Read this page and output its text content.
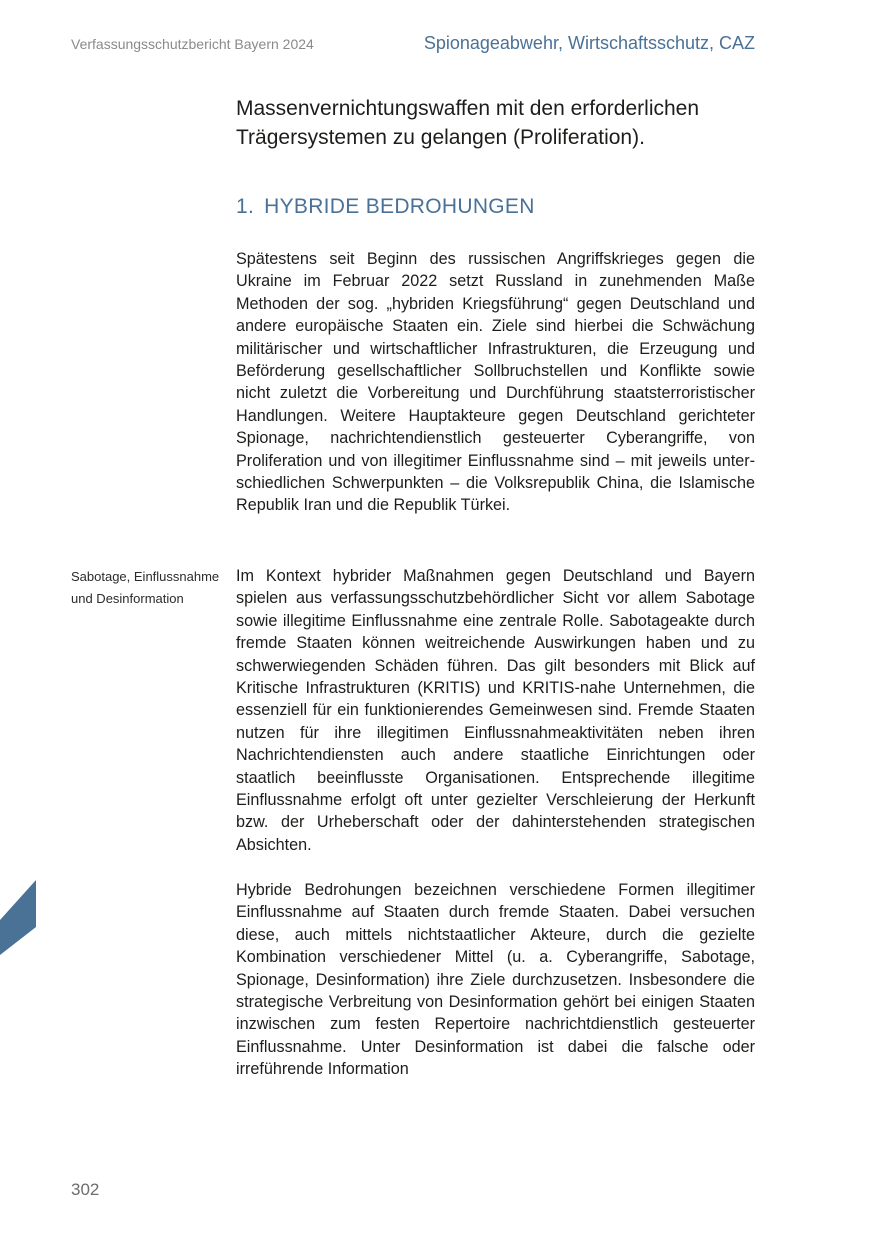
Verfassungsschutzbericht Bayern 2024	Spionageabwehr, Wirtschaftsschutz, CAZ
Massenvernichtungswaffen mit den erforderlichen Trägersystemen zu gelangen (Proliferation).
1. HYBRIDE BEDROHUNGEN
Spätestens seit Beginn des russischen Angriffskrieges gegen die Ukraine im Februar 2022 setzt Russland in zunehmenden Maße Methoden der sog. „hybriden Kriegsführung“ gegen Deutschland und andere europäische Staaten ein. Ziele sind hierbei die Schwächung militärischer und wirtschaftlicher Infrastrukturen, die Erzeugung und Beförderung gesellschaftlicher Sollbruchstellen und Konflikte sowie nicht zuletzt die Vorbereitung und Durchführung staatsterroristischer Handlungen. Weitere Hauptakteure gegen Deutschland gerichteter Spionage, nachrichtendienstlich gesteuerter Cyberangriffe, von Proliferation und von illegitimer Einflussnahme sind – mit jeweils unterschiedlichen Schwerpunkten – die Volksrepublik China, die Islamische Republik Iran und die Republik Türkei.
Sabotage, Einflussnahme und Desinformation
Im Kontext hybrider Maßnahmen gegen Deutschland und Bayern spielen aus verfassungsschutzbehördlicher Sicht vor allem Sabotage sowie illegitime Einflussnahme eine zentrale Rolle. Sabotageakte durch fremde Staaten können weitreichende Auswirkungen haben und zu schwerwiegenden Schäden führen. Das gilt besonders mit Blick auf Kritische Infrastrukturen (KRITIS) und KRITIS-nahe Unternehmen, die essenziell für ein funktionierendes Gemeinwesen sind. Fremde Staaten nutzen für ihre illegitimen Einflussnahmeaktivitäten neben ihren Nachrichtendiensten auch andere staatliche Einrichtungen oder staatlich beeinflusste Organisationen. Entsprechende illegitime Einflussnahme erfolgt oft unter gezielter Verschleierung der Herkunft bzw. der Urheberschaft oder der dahinterstehenden strategischen Absichten.
Hybride Bedrohungen bezeichnen verschiedene Formen illegitimer Einflussnahme auf Staaten durch fremde Staaten. Dabei versuchen diese, auch mittels nichtstaatlicher Akteure, durch die gezielte Kombination verschiedener Mittel (u. a. Cyberangriffe, Sabotage, Spionage, Desinformation) ihre Ziele durchzusetzen. Insbesondere die strategische Verbreitung von Desinformation gehört bei einigen Staaten inzwischen zum festen Repertoire nachrichtdienstlich gesteuerter Einflussnahme. Unter Desinformation ist dabei die falsche oder irreführende Information
302
